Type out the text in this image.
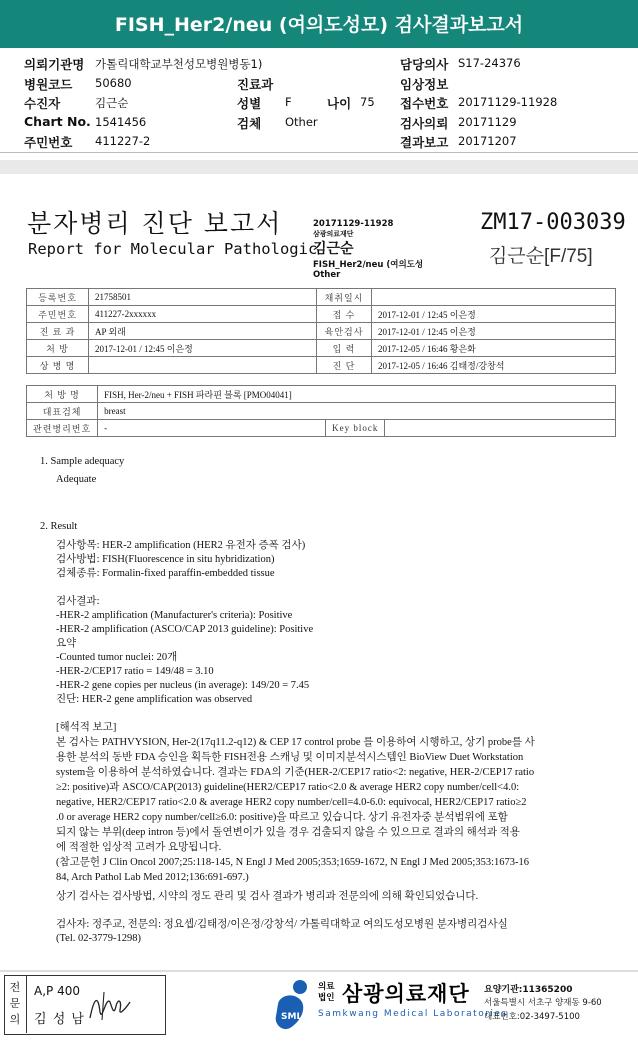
FISH_Her2/neu (여의도성모) 검사결과보고서
의뢰기관명 가톨릭대학교부천성모병원병동1)	담당의사 S17-24376
병원코드 50680	진료과	임상정보
수진자	김근순	성별 F	나이 75 접수번호 20171129-11928
Chart No. 1541456	검체 Other	검사의뢰 20171129
주민번호 411227-2	결과보고 20171207
분자병리 진단 보고서
Report for Molecular Pathologic
20171129-11928
삼광의료재단
김근순
FISH_Her2/neu (여의도성
Other
ZM17-003039
김근순[F/75]
등록번호	21758501	채취일시	
주민번호	411227-2xxxxxx	접 수	2017-12-01 / 12:45 이은정
진 료 과	AP 외래	육안검사	2017-12-01 / 12:45 이은정
처 방	2017-12-01 / 12:45 이은정	입 력	2017-12-05 / 16:46 황은화
상 병 명		진 단	2017-12-05 / 16:46 김태정/강창석
처 방 명	FISH, Her-2/neu + FISH 파라핀 블록 [PMO04041]		
대표검체	breast		
관련병리번호	-	Key block	
1. Sample adequacy
Adequate
2. Result
검사항목: HER-2 amplification (HER2 유전자 증폭 검사)
검사방법: FISH(Fluorescence in situ hybridization)
검체종류: Formalin-fixed paraffin-embedded tissue
검사결과:
-HER-2 amplification (Manufacturer's criteria): Positive
-HER-2 amplification (ASCO/CAP 2013 guideline): Positive
요약
-Counted tumor nuclei: 20개
-HER-2/CEP17 ratio = 149/48 = 3.10
-HER-2 gene copies per nucleus (in average): 149/20 = 7.45
진단: HER-2 gene amplification was observed
[해석적 보고]
본 검사는 PATHVYSION, Her-2(17q11.2-q12) & CEP 17 control probe 를 이용하여 시행하고, 상기 probe를 사
용한 분석의 동반 FDA 승인을 획득한 FISH전용 스캐닝 및 이미지분석시스템인 BioView Duet Workstation
system을 이용하여 분석하였습니다. 결과는 FDA의 기준(HER-2/CEP17 ratio<2: negative, HER-2/CEP17 ratio
≥2: positive)과 ASCO/CAP(2013) guideline(HER2/CEP17 ratio<2.0 & average HER2 copy number/cell<4.0:
negative, HER2/CEP17 ratio<2.0 & average HER2 copy number/cell=4.0-6.0: equivocal, HER2/CEP17 ratio≥2
.0 or average HER2 copy number/cell≥6.0: positive)을 따르고 있습니다. 상기 유전자중 분석범위에 포함
되지 않는 부위(deep intron 등)에서 돌연변이가 있을 경우 검출되지 않을 수 있으므로 결과의 해석과 적용
에 적절한 임상적 고려가 요망됩니다.
(참고문헌 J Clin Oncol 2007;25:118-145, N Engl J Med 2005;353;1659-1672, N Engl J Med 2005;353:1673-16
84, Arch Pathol Lab Med 2012;136:691-697.)
상기 검사는 검사방법, 시약의 정도 관리 및 검사 결과가 병리과 전문의에 의해 확인되었습니다.
검사자: 정주교, 전문의: 정요셉/김태정/이은정/강창석/ 가톨릭대학교 여의도성모병원 분자병리검사실
(Tel. 02-3779-1298)
전문의
A,P 400
김 성 남	SML
의료법인 삼광의료재단
Samkwang Medical Laboratories
요양기관:11365200
서울특별시 서초구 양재동 9-60
대표번호:02-3497-5100
